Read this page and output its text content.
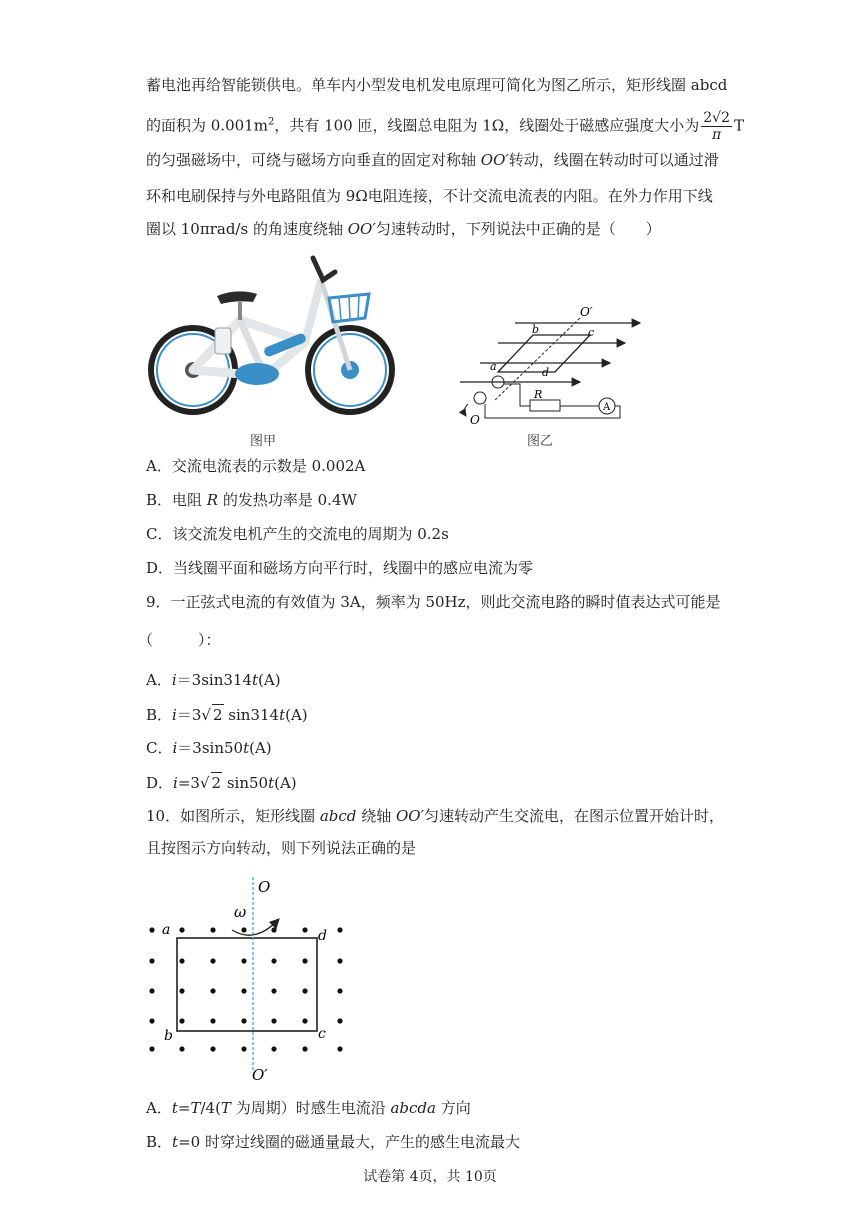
蓄电池再给智能锁供电。单车内小型发电机发电原理可简化为图乙所示，矩形线圈 abcd
的面积为 $0.001m^2$，共有 100 匝，线圈总电阻为 1Ω，线圈处于磁感应强度大小为 $\frac{2√2}{\pi}$ T
的匀强磁场中，可绕与磁场方向垂直的固定对称轴 OO′转动，线圈在转动时可以通过滑
环和电刷保持与外电路阻值为 9Ω电阻连接，不计交流电流表的内阻。在外力作用下线
圈以 10πrad/s 的角速度绕轴 OO′匀速转动时，下列说法中正确的是（　　）
图甲
O′
b	c
a	d
R
A
O
图乙
A．交流电流表的示数是 0.002A
B．电阻 R 的发热功率是 0.4W
C．该交流发电机产生的交流电的周期为 0.2s
D．当线圈平面和磁场方向平行时，线圈中的感应电流为零
9．一正弦式电流的有效值为 3A，频率为 50Hz，则此交流电路的瞬时值表达式可能是
（　　　）：
A．i＝3sin314t(A)
B．i＝3√ 2 sin314t(A)
C．i＝3sin50t(A)
D．i=3√ 2 sin50t(A)
10．如图所示，矩形线圈 abcd 绕轴 OO′匀速转动产生交流电，在图示位置开始计时，
且按图示方向转动，则下列说法正确的是
O
O′
ω
a
b	c
d
A．t=T/4(T 为周期）时感生电流沿 abcda 方向
B．t=0 时穿过线圈的磁通量最大，产生的感生电流最大
试卷第 4页，共 10页
